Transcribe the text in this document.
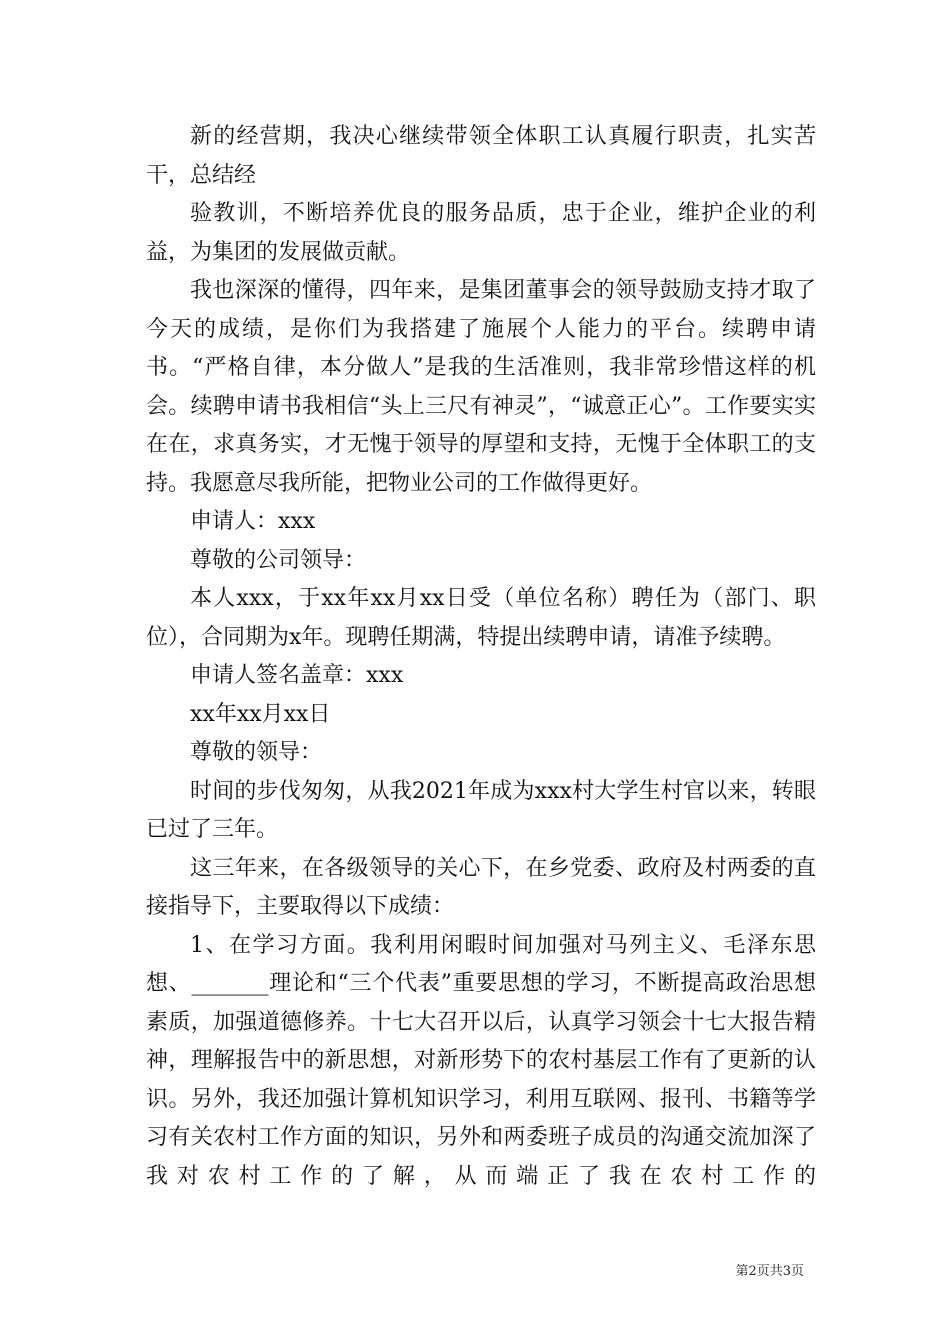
新的经营期，我决心继续带领全体职工认真履行职责，扎实苦干，总结经

验教训，不断培养优良的服务品质，忠于企业，维护企业的利益，为集团的发展做贡献。

我也深深的懂得，四年来，是集团董事会的领导鼓励支持才取了今天的成绩，是你们为我搭建了施展个人能力的平台。续聘申请书。“严格自律，本分做人”是我的生活准则，我非常珍惜这样的机会。续聘申请书我相信“头上三尺有神灵”，“诚意正心”。工作要实实在在，求真务实，才无愧于领导的厚望和支持，无愧于全体职工的支持。我愿意尽我所能，把物业公司的工作做得更好。

申请人：xxx

尊敬的公司领导：

本人xxx，于xx年xx月xx日受（单位名称）聘任为（部门、职位），合同期为x年。现聘任期满，特提出续聘申请，请准予续聘。

申请人签名盖章：xxx

xx年xx月xx日

尊敬的领导：

时间的步伐匆匆，从我2021年成为xxx村大学生村官以来，转眼已过了三年。

这三年来，在各级领导的关心下，在乡党委、政府及村两委的直接指导下，主要取得以下成绩：

1、在学习方面。我利用闲暇时间加强对马列主义、毛泽东思想、_______理论和“三个代表”重要思想的学习，不断提高政治思想素质，加强道德修养。十七大召开以后，认真学习领会十七大报告精神，理解报告中的新思想，对新形势下的农村基层工作有了更新的认识。另外，我还加强计算机知识学习，利用互联网、报刊、书籍等学习有关农村工作方面的知识，另外和两委班子成员的沟通交流加深了我对农村工作的了解，从而端正了我在农村工作的

第2页共3页
